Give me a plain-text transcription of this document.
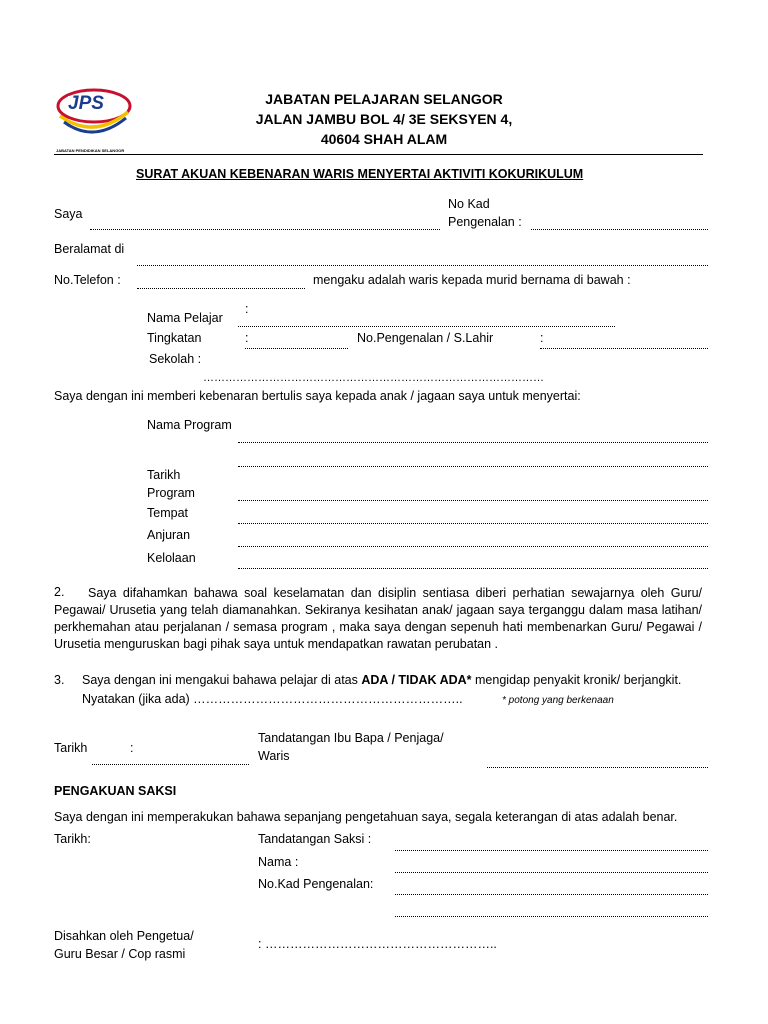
JPS
JABATAN PENDIDIKAN SELANGOR
JABATAN PELAJARAN SELANGOR
JALAN JAMBU BOL 4/ 3E SEKSYEN 4,
40604 SHAH ALAM
SURAT AKUAN KEBENARAN WARIS MENYERTAI AKTIVITI KOKURIKULUM
Saya
No Kad
Pengenalan :
Beralamat di
No.Telefon :	mengaku adalah waris kepada murid bernama di bawah :
:
Nama Pelajar
Tingkatan	:	No.Pengenalan / S.Lahir	:
Sekolah :
…………………………………………………………………………………
Saya dengan ini memberi kebenaran bertulis saya kepada anak / jagaan saya untuk menyertai:
Nama Program
Tarikh
Program
Tempat
Anjuran
Kelolaan
2.	Saya difahamkan bahawa soal keselamatan dan disiplin sentiasa diberi perhatian sewajarnya oleh Guru/ Pegawai/ Urusetia yang telah diamanahkan. Sekiranya kesihatan anak/ jagaan saya terganggu dalam masa latihan/ perkhemahan atau perjalanan / semasa program , maka saya dengan sepenuh hati membenarkan Guru/ Pegawai / Urusetia menguruskan bagi pihak saya untuk mendapatkan rawatan perubatan .
3. Saya dengan ini mengakui bahawa pelajar di atas ADA / TIDAK ADA* mengidap penyakit kronik/ berjangkit.
Nyatakan (jika ada) ………………………………………………………..	* potong yang berkenaan
Tarikh	:
Tandatangan Ibu Bapa / Penjaga/
Waris
PENGAKUAN SAKSI
Saya dengan ini memperakukan bahawa sepanjang pengetahuan saya, segala keterangan di atas adalah benar.
Tarikh:	Tandatangan Saksi :
Nama :
No.Kad Pengenalan:
Disahkan oleh Pengetua/
Guru Besar / Cop rasmi
: ………………………………………………..
